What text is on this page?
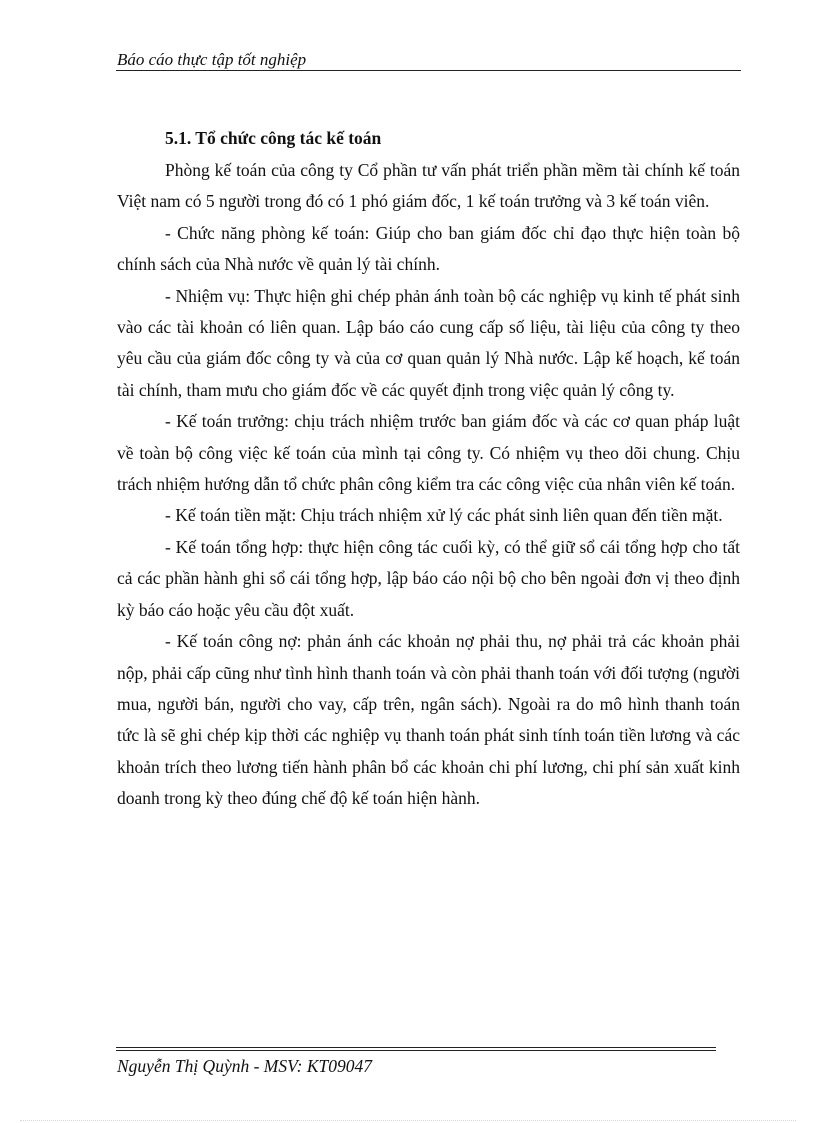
Báo cáo thực tập tốt nghiệp
5.1. Tổ chức công tác kế toán

Phòng kế toán của công ty Cổ phần tư vấn phát triển phần mềm tài chính kế toán Việt nam có 5 người trong đó có 1 phó giám đốc, 1 kế toán trưởng và 3 kế toán viên.

- Chức năng phòng kế toán: Giúp cho ban giám đốc chỉ đạo thực hiện toàn bộ chính sách của Nhà nước về quản lý tài chính.

- Nhiệm vụ: Thực hiện ghi chép phản ánh toàn bộ các nghiệp vụ kinh tế phát sinh vào các tài khoản có liên quan. Lập báo cáo cung cấp số liệu, tài liệu của công ty theo yêu cầu của giám đốc công ty và của cơ quan quản lý Nhà nước. Lập kế hoạch, kế toán tài chính, tham mưu cho giám đốc về các quyết định trong việc quản lý công ty.

- Kế toán trưởng: chịu trách nhiệm trước ban giám đốc và các cơ quan pháp luật về toàn bộ công việc kế toán của mình tại công ty. Có nhiệm vụ theo dõi chung. Chịu trách nhiệm hướng dẫn tổ chức phân công kiểm tra các công việc của nhân viên kế toán.

- Kế toán tiền mặt: Chịu trách nhiệm xử lý các phát sinh liên quan đến tiền mặt.

- Kế toán tổng hợp: thực hiện công tác cuối kỳ, có thể giữ sổ cái tổng hợp cho tất cả các phần hành ghi sổ cái tổng hợp, lập báo cáo nội bộ cho bên ngoài đơn vị theo định kỳ báo cáo hoặc yêu cầu đột xuất.

- Kế toán công nợ: phản ánh các khoản nợ phải thu, nợ phải trả các khoản phải nộp, phải cấp cũng như tình hình thanh toán và còn phải thanh toán với đối tượng (người mua, người bán, người cho vay, cấp trên, ngân sách). Ngoài ra do mô hình thanh toán tức là sẽ ghi chép kịp thời các nghiệp vụ thanh toán phát sinh tính toán tiền lương và các khoản trích theo lương tiến hành phân bổ các khoản chi phí lương, chi phí sản xuất kinh doanh trong kỳ theo đúng chế độ kế toán hiện hành.

Nguyễn Thị Quỳnh - MSV: KT09047
